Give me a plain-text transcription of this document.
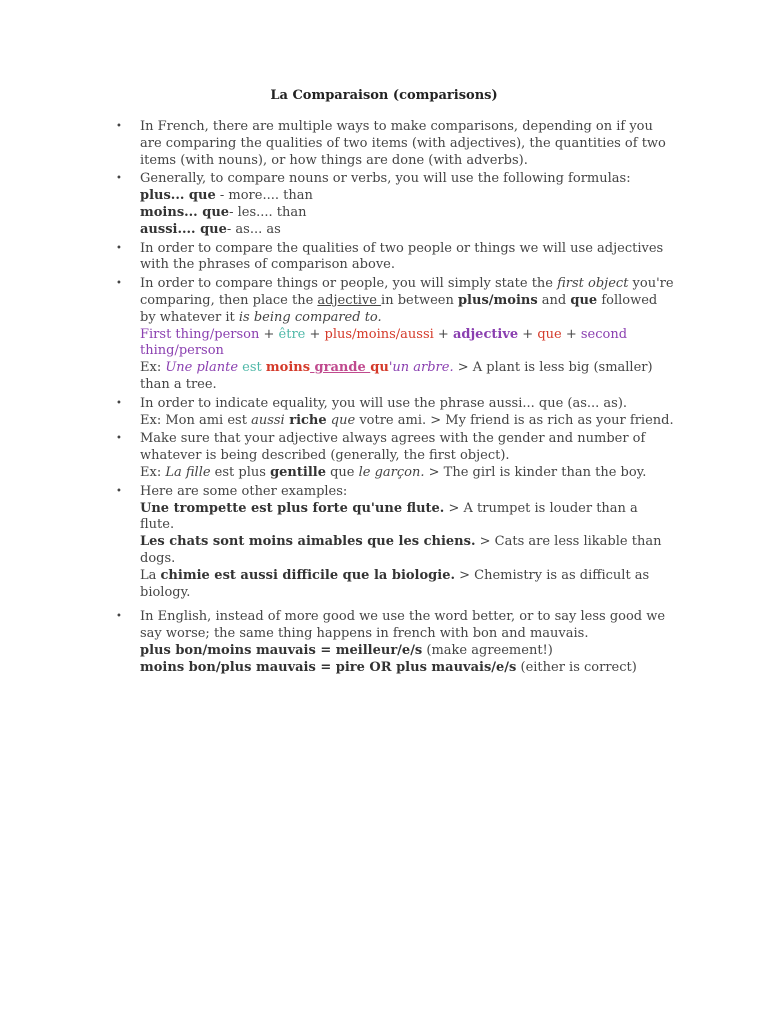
La Comparaison (comparisons)
• In French, there are multiple ways to make comparisons, depending on if you are comparing the qualities of two items (with adjectives), the quantities of two items (with nouns), or how things are done (with adverbs).
• Generally, to compare nouns or verbs, you will use the following formulas:
plus... que - more.... than
moins... que- les.... than
aussi.... que- as... as
• In order to compare the qualities of two people or things we will use adjectives with the phrases of comparison above.
• In order to compare things or people, you will simply state the first object you're comparing, then place the adjective in between plus/moins and que followed by whatever it is being compared to.
First thing/person + être + plus/moins/aussi + adjective + que + second thing/person
Ex: Une plante est moins grande qu'un arbre. > A plant is less big (smaller) than a tree.
• In order to indicate equality, you will use the phrase aussi... que (as... as).
Ex: Mon ami est aussi riche que votre ami. > My friend is as rich as your friend.
• Make sure that your adjective always agrees with the gender and number of whatever is being described (generally, the first object).
Ex: La fille est plus gentille que le garçon. > The girl is kinder than the boy.
• Here are some other examples:
Une trompette est plus forte qu'une flute. > A trumpet is louder than a flute.
Les chats sont moins aimables que les chiens. > Cats are less likable than dogs.
La chimie est aussi difficile que la biologie. > Chemistry is as difficult as biology.
• In English, instead of more good we use the word better, or to say less good we say worse; the same thing happens in french with bon and mauvais.
plus bon/moins mauvais = meilleur/e/s (make agreement!)
moins bon/plus mauvais = pire OR plus mauvais/e/s (either is correct)
